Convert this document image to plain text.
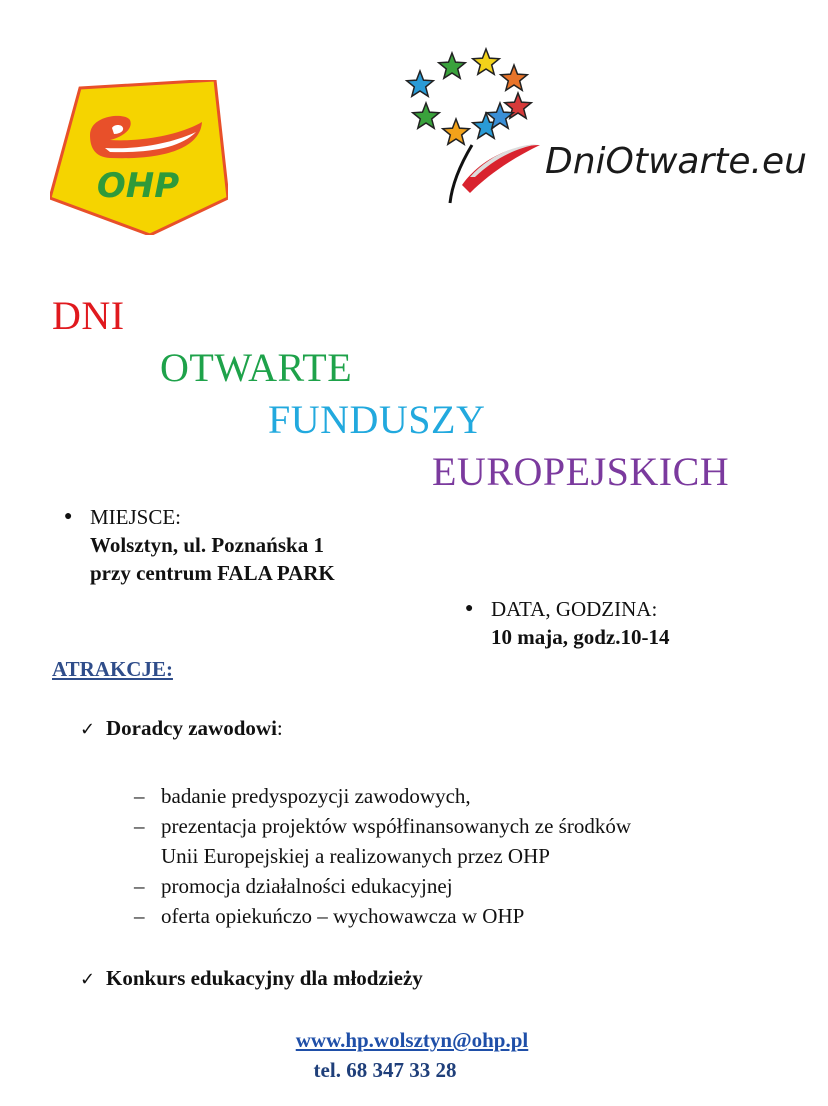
OHP
DniOtwarte.eu
DNI
OTWARTE
FUNDUSZY
EUROPEJSKICH
● MIEJSCE:
Wolsztyn, ul. Poznańska 1
przy centrum FALA PARK
● DATA, GODZINA:
10 maja, godz.10-14
ATRAKCJE:
✓ Doradcy zawodowi:
– badanie predyspozycji zawodowych,
– prezentacja projektów współfinansowanych ze środków
Unii Europejskiej a realizowanych przez OHP
– promocja działalności edukacyjnej
– oferta opiekuńczo – wychowawcza w OHP
✓ Konkurs edukacyjny dla młodzieży
www.hp.wolsztyn@ohp.pl
tel. 68 347 33 28
